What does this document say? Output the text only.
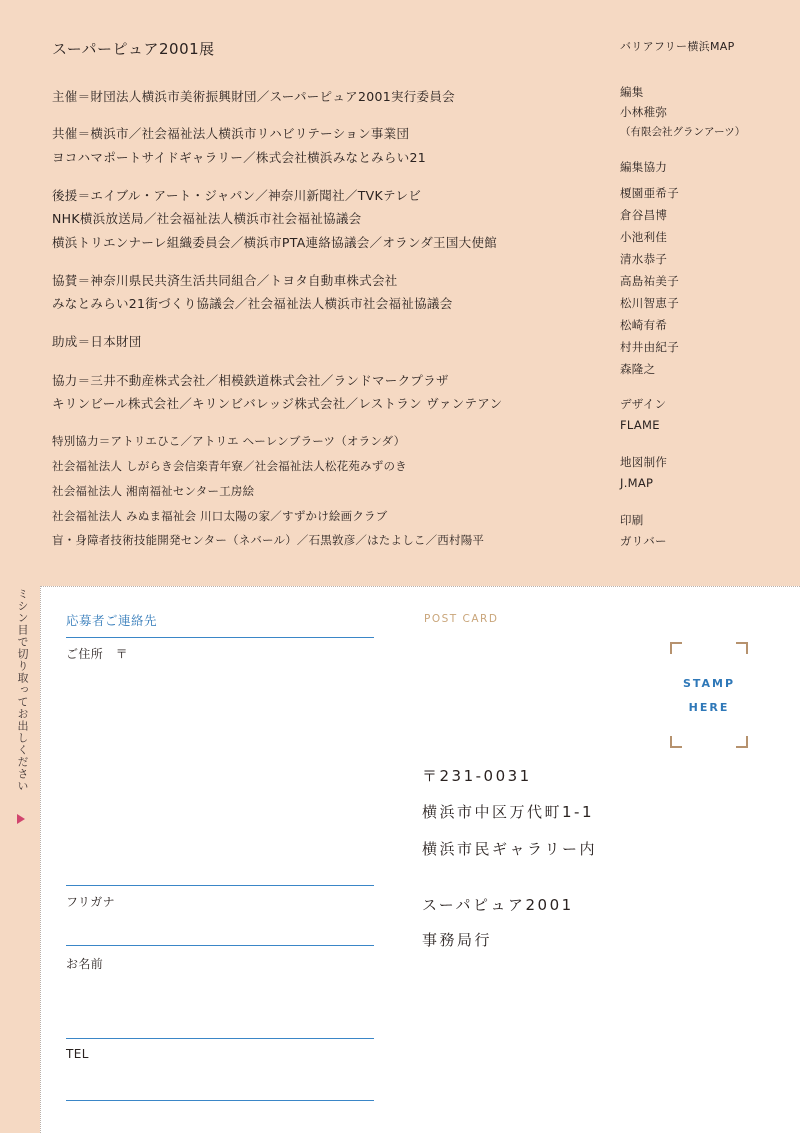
スーパーピュア2001展
主催＝財団法人横浜市美術振興財団／スーパーピュア2001実行委員会
共催＝横浜市／社会福祉法人横浜市リハビリテーション事業団
ヨコハマポートサイドギャラリー／株式会社横浜みなとみらい21
後援＝エイブル・アート・ジャパン／神奈川新聞社／TVKテレビ
NHK横浜放送局／社会福祉法人横浜市社会福祉協議会
横浜トリエンナーレ組織委員会／横浜市PTA連絡協議会／オランダ王国大使館
協賛＝神奈川県民共済生活共同組合／トヨタ自動車株式会社
みなとみらい21街づくり協議会／社会福祉法人横浜市社会福祉協議会
助成＝日本財団
協力＝三井不動産株式会社／相模鉄道株式会社／ランドマークプラザ
キリンビール株式会社／キリンビバレッジ株式会社／レストラン ヴァンテアン
特別協力＝アトリエひこ／アトリエ ヘーレンブラーツ（オランダ）
社会福祉法人 しがらき会信楽青年寮／社会福祉法人松花苑みずのき
社会福祉法人 湘南福祉センター工房絵
社会福祉法人 みぬま福祉会 川口太陽の家／すずかけ絵画クラブ
盲・身障者技術技能開発センター（ネバール）／石黒敦彦／はたよしこ／西村陽平
バリアフリー横浜MAP
編集
小林稚弥
（有限会社グランアーツ）
編集協力
榎園亜希子
倉谷昌博
小池利佳
清水恭子
高島祐美子
松川智恵子
松崎有希
村井由紀子
森隆之
デザイン
FLAME
地図制作
J.MAP
印刷
ガリバー
ミシン目で切り取ってお出しください	応募者ご連絡先
ご住所　〒
フリガナ
お名前
TEL
POST CARD
STAMP
HERE
〒231-0031
横浜市中区万代町1-1
横浜市民ギャラリー内
スーパピュア2001
事務局行
